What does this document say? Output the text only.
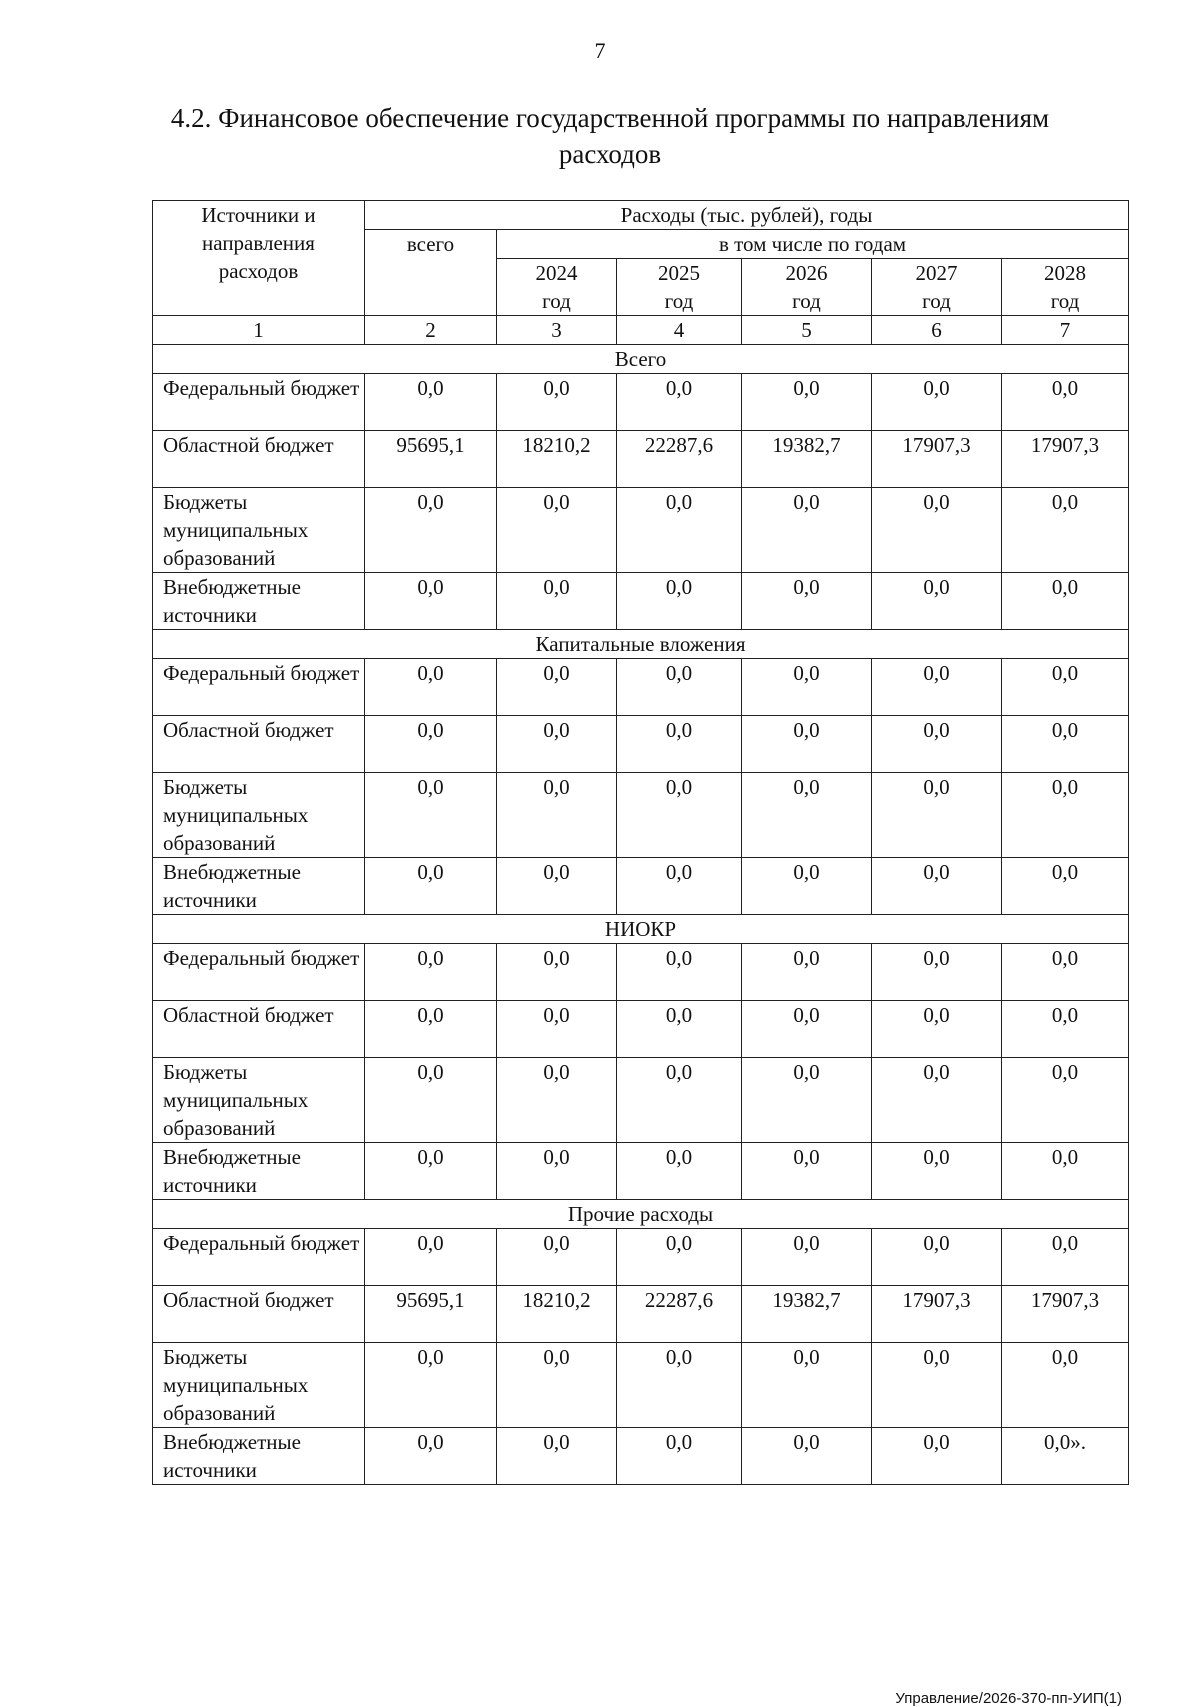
7
4.2. Финансовое обеспечение государственной программы по направлениям
расходов
Источники и направления расходов	Расходы (тыс. рублей), годы					
	всего	в том числе по годам				
		2024 год	2025 год	2026 год	2027 год	2028 год
1	2	3	4	5	6	7
Всего						
Федеральный бюджет	0,0	0,0	0,0	0,0	0,0	0,0
Областной бюджет	95695,1	18210,2	22287,6	19382,7	17907,3	17907,3
Бюджеты муниципальных образований	0,0	0,0	0,0	0,0	0,0	0,0
Внебюджетные источники	0,0	0,0	0,0	0,0	0,0	0,0
Капитальные вложения						
Федеральный бюджет	0,0	0,0	0,0	0,0	0,0	0,0
Областной бюджет	0,0	0,0	0,0	0,0	0,0	0,0
Бюджеты муниципальных образований	0,0	0,0	0,0	0,0	0,0	0,0
Внебюджетные источники	0,0	0,0	0,0	0,0	0,0	0,0
НИОКР						
Федеральный бюджет	0,0	0,0	0,0	0,0	0,0	0,0
Областной бюджет	0,0	0,0	0,0	0,0	0,0	0,0
Бюджеты муниципальных образований	0,0	0,0	0,0	0,0	0,0	0,0
Внебюджетные источники	0,0	0,0	0,0	0,0	0,0	0,0
Прочие расходы						
Федеральный бюджет	0,0	0,0	0,0	0,0	0,0	0,0
Областной бюджет	95695,1	18210,2	22287,6	19382,7	17907,3	17907,3
Бюджеты муниципальных образований	0,0	0,0	0,0	0,0	0,0	0,0
Внебюджетные источники	0,0	0,0	0,0	0,0	0,0	0,0».
Управление/2026-370-пп-УИП(1)
